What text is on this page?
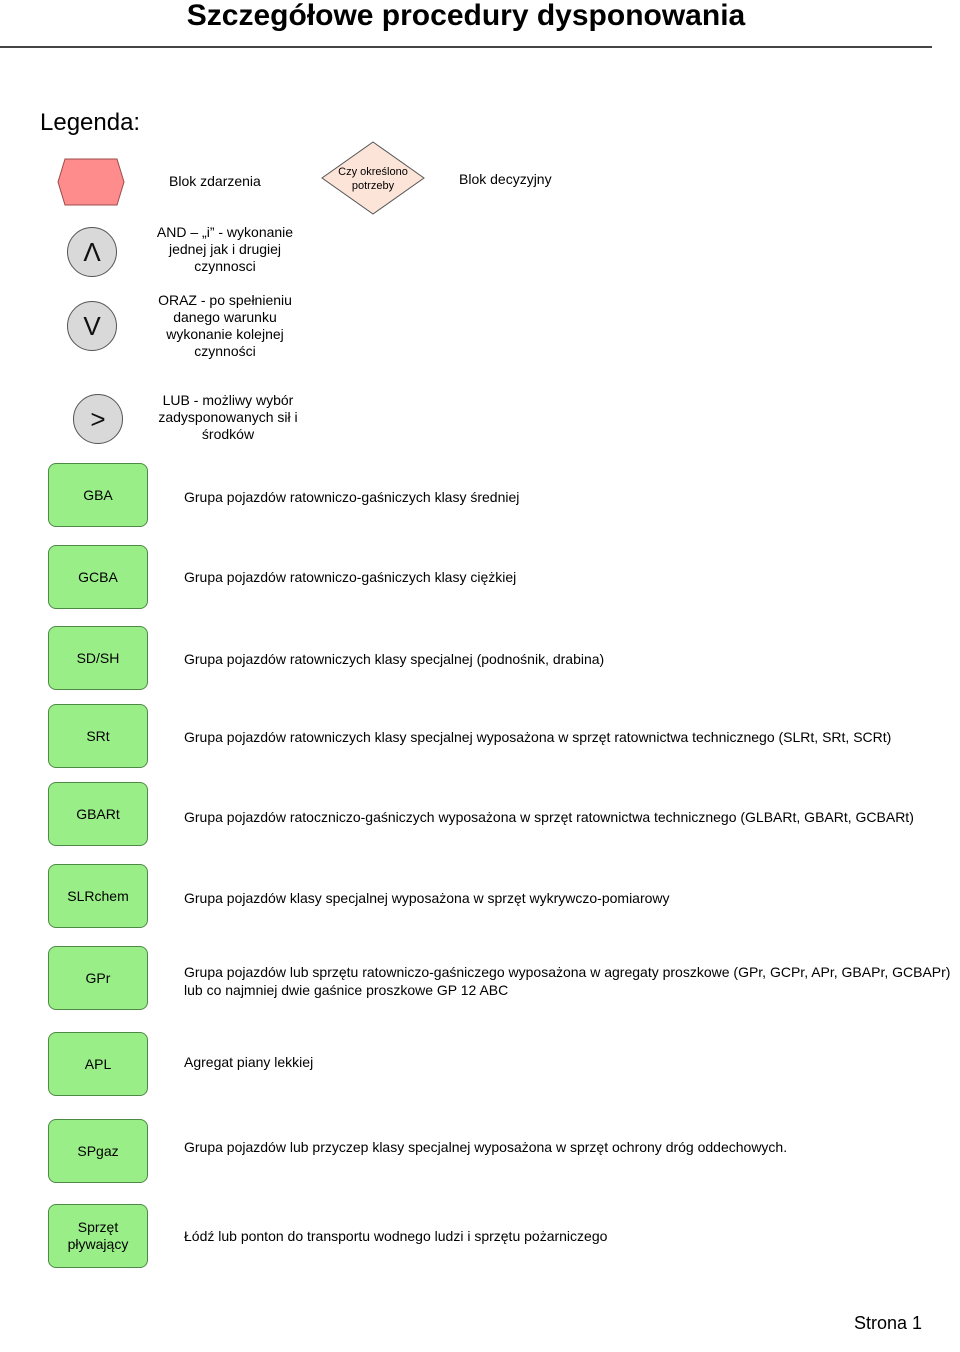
Szczegółowe procedury dysponowania
Legenda:
Blok zdarzenia
Czy określono potrzeby	Blok decyzyjny
Λ
AND – „i” - wykonanie jednej jak i drugiej czynnosci
V
ORAZ - po spełnieniu danego warunku wykonanie kolejnej czynności
>
LUB - możliwy wybór zadysponowanych sił i środków
GBA	Grupa pojazdów ratowniczo-gaśniczych klasy średniej
GCBA	Grupa pojazdów ratowniczo-gaśniczych klasy ciężkiej
SD/SH	Grupa pojazdów ratowniczych klasy specjalnej (podnośnik, drabina)
SRt	Grupa pojazdów ratowniczych klasy specjalnej wyposażona w sprzęt ratownictwa technicznego (SLRt, SRt, SCRt)
GBARt	Grupa pojazdów ratoczniczo-gaśniczych wyposażona w sprzęt ratownictwa technicznego (GLBARt, GBARt, GCBARt)
SLRchem	Grupa pojazdów klasy specjalnej wyposażona w sprzęt wykrywczo-pomiarowy
GPr	Grupa pojazdów lub sprzętu ratowniczo-gaśniczego wyposażona w agregaty proszkowe (GPr, GCPr, APr, GBAPr, GCBAPr) lub co najmniej dwie gaśnice proszkowe GP 12 ABC
APL	Agregat piany lekkiej
SPgaz	Grupa pojazdów lub przyczep klasy specjalnej wyposażona w sprzęt ochrony dróg oddechowych.
Sprzęt pływający	Łódź lub ponton do transportu wodnego ludzi i sprzętu pożarniczego
Strona 1
